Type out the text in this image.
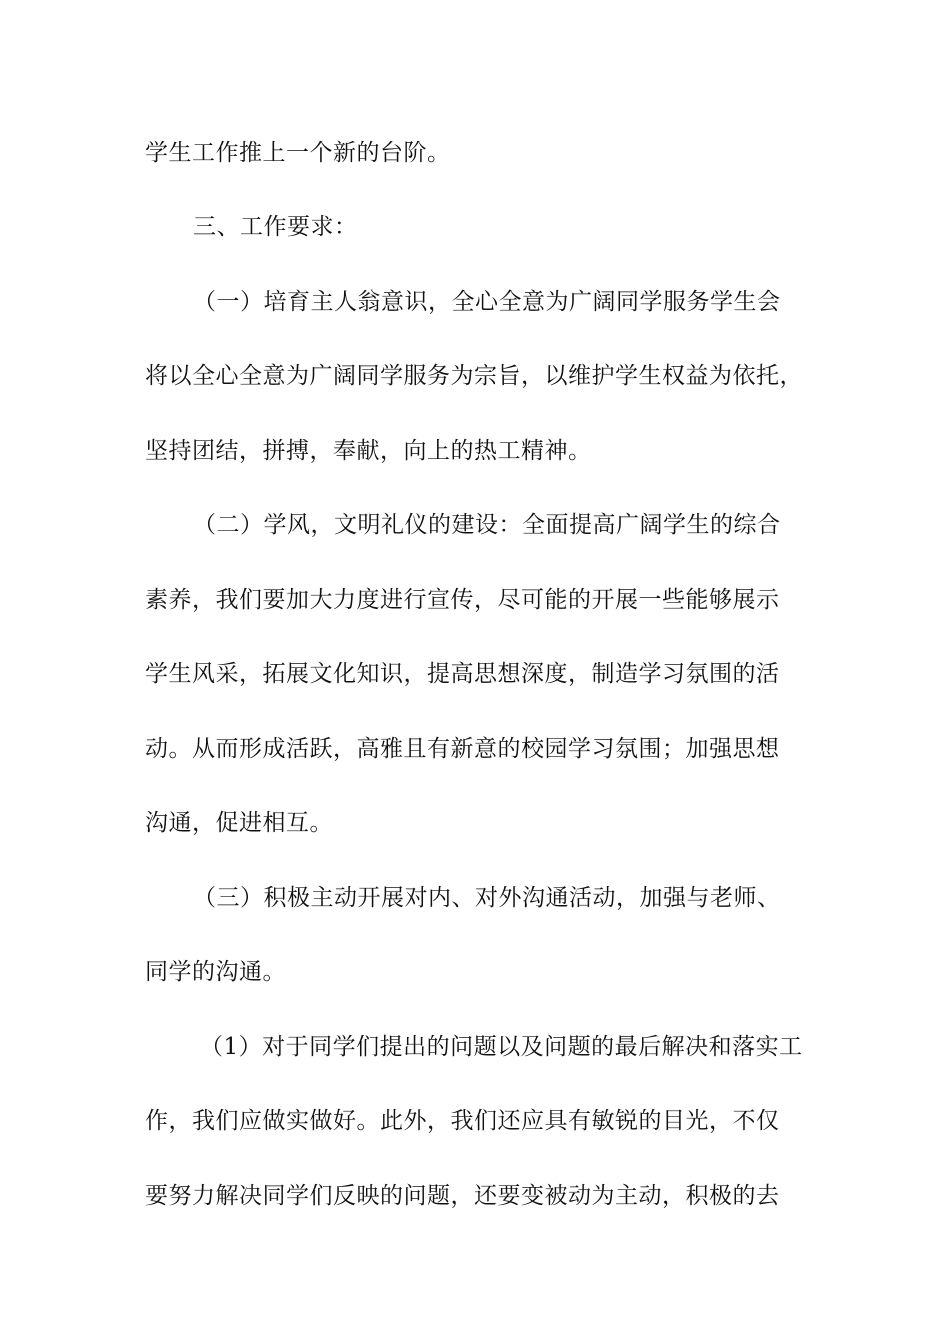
学生工作推上一个新的台阶。
三、工作要求：
（一）培育主人翁意识，全心全意为广阔同学服务学生会
将以全心全意为广阔同学服务为宗旨，以维护学生权益为依托，
坚持团结，拼搏，奉献，向上的热工精神。
（二）学风，文明礼仪的建设：全面提高广阔学生的综合
素养，我们要加大力度进行宣传，尽可能的开展一些能够展示
学生风采，拓展文化知识，提高思想深度，制造学习氛围的活
动。从而形成活跃，高雅且有新意的校园学习氛围；加强思想
沟通，促进相互。
（三）积极主动开展对内、对外沟通活动，加强与老师、
同学的沟通。
（1）对于同学们提出的问题以及问题的最后解决和落实工
作，我们应做实做好。此外，我们还应具有敏锐的目光，不仅
要努力解决同学们反映的问题，还要变被动为主动，积极的去
